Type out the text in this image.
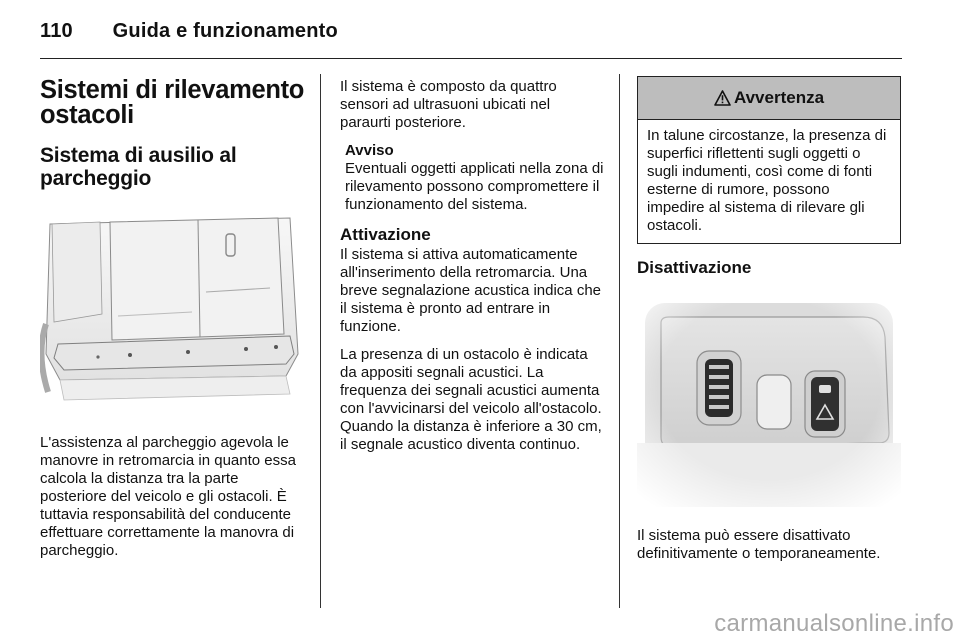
110 Guida e funzionamento
Sistemi di rilevamento ostacoli
Sistema di ausilio al parcheggio

L'assistenza al parcheggio agevola le manovre in retromarcia in quanto essa calcola la distanza tra la parte posteriore del veicolo e gli ostacoli. È tuttavia responsabilità del conducente effettuare correttamente la manovra di parcheggio.

Il sistema è composto da quattro sensori ad ultrasuoni ubicati nel paraurti posteriore.

Avviso
Eventuali oggetti applicati nella zona di rilevamento possono compromettere il funzionamento del sistema.
Attivazione

Il sistema si attiva automaticamente all'inserimento della retromarcia. Una breve segnalazione acustica indica che il sistema è pronto ad entrare in funzione.

La presenza di un ostacolo è indicata da appositi segnali acustici. La frequenza dei segnali acustici aumenta con l'avvicinarsi del veicolo all'ostacolo. Quando la distanza è inferiore a 30 cm, il segnale acustico diventa continuo.

Avvertenza
In talune circostanze, la presenza di superfici riflettenti sugli oggetti o sugli indumenti, così come di fonti esterne di rumore, possono impedire al sistema di rilevare gli ostacoli.
Disattivazione

Il sistema può essere disattivato definitivamente o temporaneamente.

carmanualsonline.info
